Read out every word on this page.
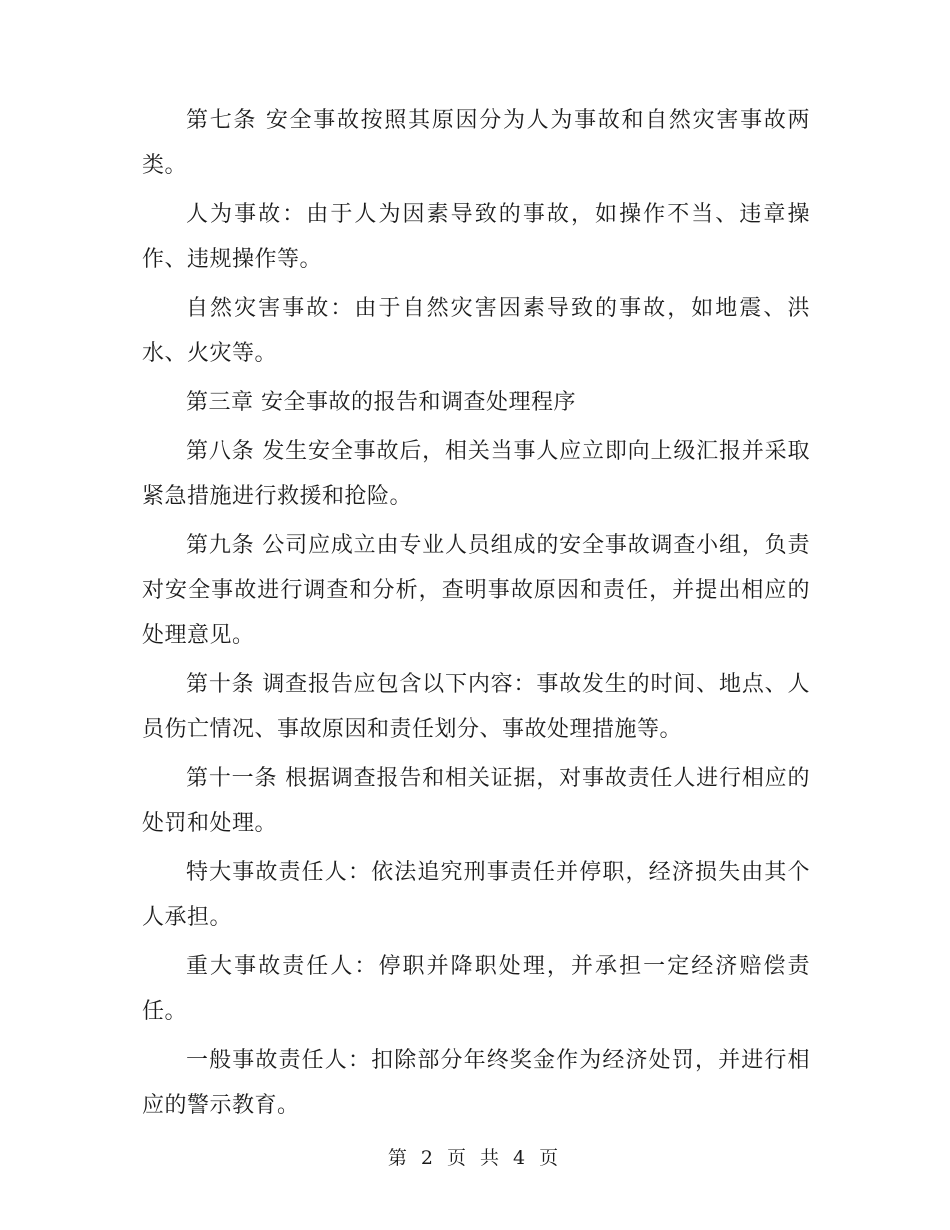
第七条 安全事故按照其原因分为人为事故和自然灾害事故两类。

人为事故：由于人为因素导致的事故，如操作不当、违章操作、违规操作等。

自然灾害事故：由于自然灾害因素导致的事故，如地震、洪水、火灾等。

第三章 安全事故的报告和调查处理程序

第八条 发生安全事故后，相关当事人应立即向上级汇报并采取紧急措施进行救援和抢险。

第九条 公司应成立由专业人员组成的安全事故调查小组，负责对安全事故进行调查和分析，查明事故原因和责任，并提出相应的处理意见。

第十条 调查报告应包含以下内容：事故发生的时间、地点、人员伤亡情况、事故原因和责任划分、事故处理措施等。

第十一条 根据调查报告和相关证据，对事故责任人进行相应的处罚和处理。

特大事故责任人：依法追究刑事责任并停职，经济损失由其个人承担。

重大事故责任人：停职并降职处理，并承担一定经济赔偿责任。

一般事故责任人：扣除部分年终奖金作为经济处罚，并进行相应的警示教育。

第 2 页 共 4 页
